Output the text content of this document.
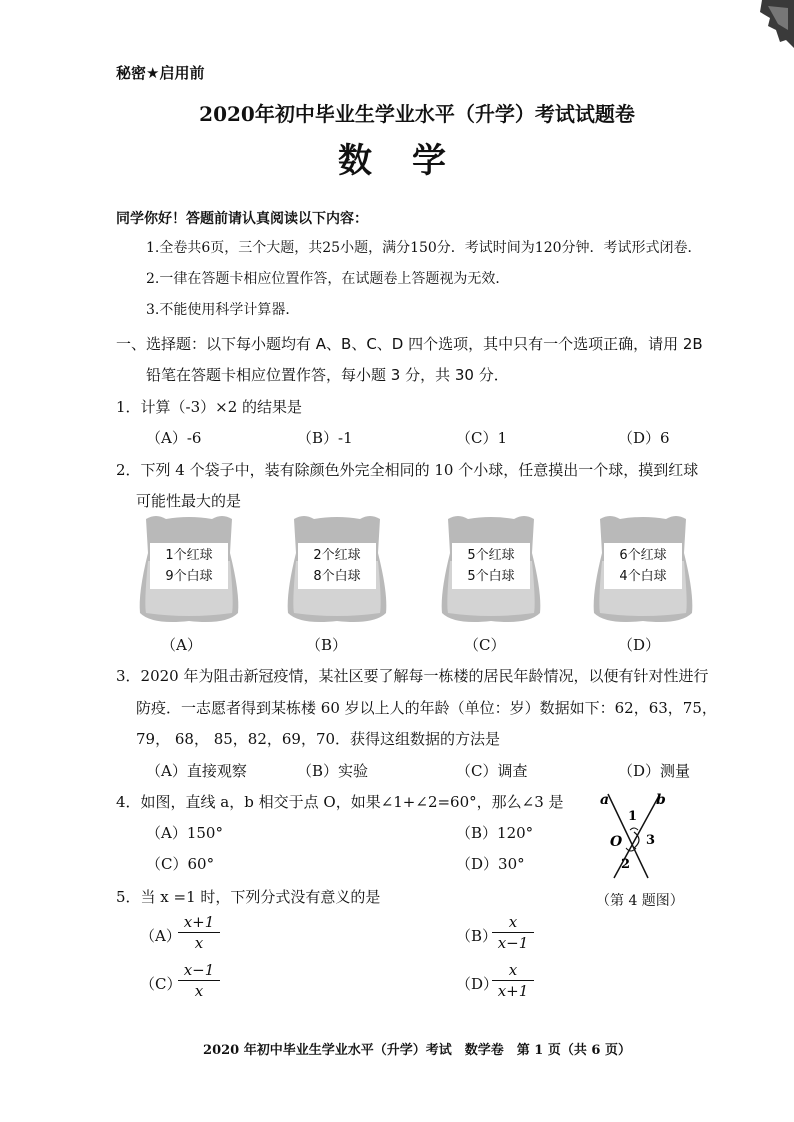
秘密★启用前
2020年初中毕业生学业水平（升学）考试试题卷
数学
同学你好！答题前请认真阅读以下内容：
1.全卷共6页，三个大题，共25小题，满分150分．考试时间为120分钟．考试形式闭卷．
2.一律在答题卡相应位置作答，在试题卷上答题视为无效．
3.不能使用科学计算器．
一、选择题：以下每小题均有 A、B、C、D 四个选项，其中只有一个选项正确，请用 2B
铅笔在答题卡相应位置作答，每小题 3 分，共 30 分．
1．计算（-3）×2 的结果是
（A）-6	（B）-1	（C）1	（D）6
2．下列 4 个袋子中，装有除颜色外完全相同的 10 个小球，任意摸出一个球，摸到红球
可能性最大的是
1个红球
9个白球
2个红球
8个白球
5个红球
5个白球
6个红球
4个白球
（A）	（B）	（C）	（D）
3．2020 年为阻击新冠疫情，某社区要了解每一栋楼的居民年龄情况，以便有针对性进行
防疫．一志愿者得到某栋楼 60 岁以上人的年龄（单位：岁）数据如下：62，63，75，
79， 68， 85，82，69，70．获得这组数据的方法是
（A）直接观察	（B）实验	（C）调查	（D）测量
4．如图，直线 a，b 相交于点 O，如果∠1+∠2=60°，那么∠3 是
（A）150°	（B）120°
（C）60°	（D）30°
a	b
O
1
2
3
（第 4 题图）
5．当 x =1 时，下列分式没有意义的是
（A）
$\frac{x+1}{x}$	（B）
$\frac{x}{x-1}$
（C）
$\frac{x-1}{x}$	（D）
$\frac{x}{x+1}$
2020 年初中毕业生学业水平（升学）考试　数学卷　第 1 页（共 6 页）
